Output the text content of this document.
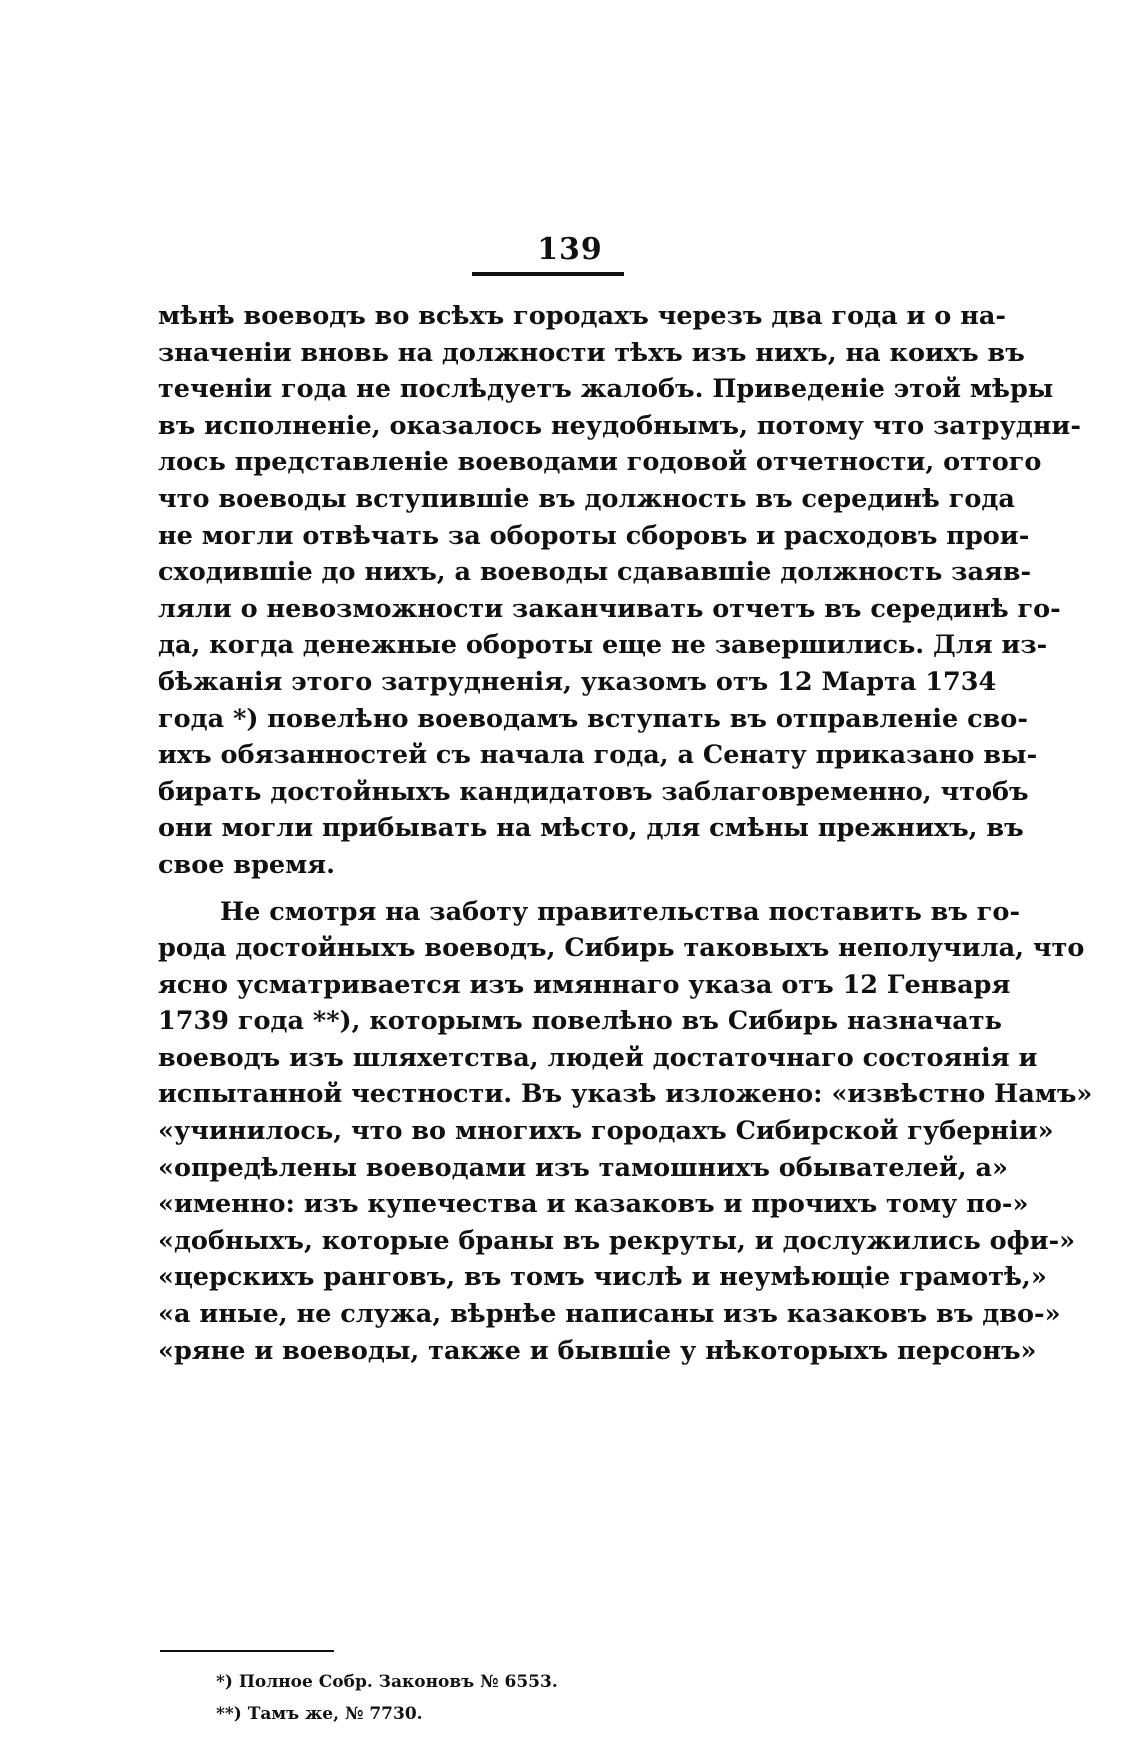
139
мѣнѣ воеводъ во всѣхъ городахъ черезъ два года и о на-
значеніи вновь на должности тѣхъ изъ нихъ, на коихъ въ
теченіи года не послѣдуетъ жалобъ. Приведеніе этой мѣры
въ исполненіе, оказалось неудобнымъ, потому что затрудни-
лось представленіе воеводами годовой отчетности, оттого
что воеводы вступившіе въ должность въ серединѣ года
не могли отвѣчать за обороты сборовъ и расходовъ прои-
сходившіе до нихъ, а воеводы сдававшіе должность заяв-
ляли о невозможности заканчивать отчетъ въ серединѣ го-
да, когда денежные обороты еще не завершились. Для из-
бѣжанія этого затрудненія, указомъ отъ 12 Марта 1734
года *) повелѣно воеводамъ вступать въ отправленіе сво-
ихъ обязанностей съ начала года, а Сенату приказано вы-
бирать достойныхъ кандидатовъ заблаговременно, чтобъ
они могли прибывать на мѣсто, для смѣны прежнихъ, въ
свое время.
Не смотря на заботу правительства поставить въ го-
рода достойныхъ воеводъ, Сибирь таковыхъ неполучила, что
ясно усматривается изъ имяннаго указа отъ 12 Генваря
1739 года **), которымъ повелѣно въ Сибирь назначать
воеводъ изъ шляхетства, людей достаточнаго состоянія и
испытанной честности. Въ указѣ изложено: «извѣстно Намъ»
«учинилось, что во многихъ городахъ Сибирской губерніи»
«опредѣлены воеводами изъ тамошнихъ обывателей, а»
«именно: изъ купечества и казаковъ и прочихъ тому по-»
«добныхъ, которые браны въ рекруты, и дослужились офи-»
«церскихъ ранговъ, въ томъ числѣ и неумѣющіе грамотѣ,»
«а иные, не служа, вѣрнѣе написаны изъ казаковъ въ дво-»
«ряне и воеводы, также и бывшіе у нѣкоторыхъ персонъ»
*) Полное Собр. Законовъ № 6553.
**) Тамъ же, № 7730.
